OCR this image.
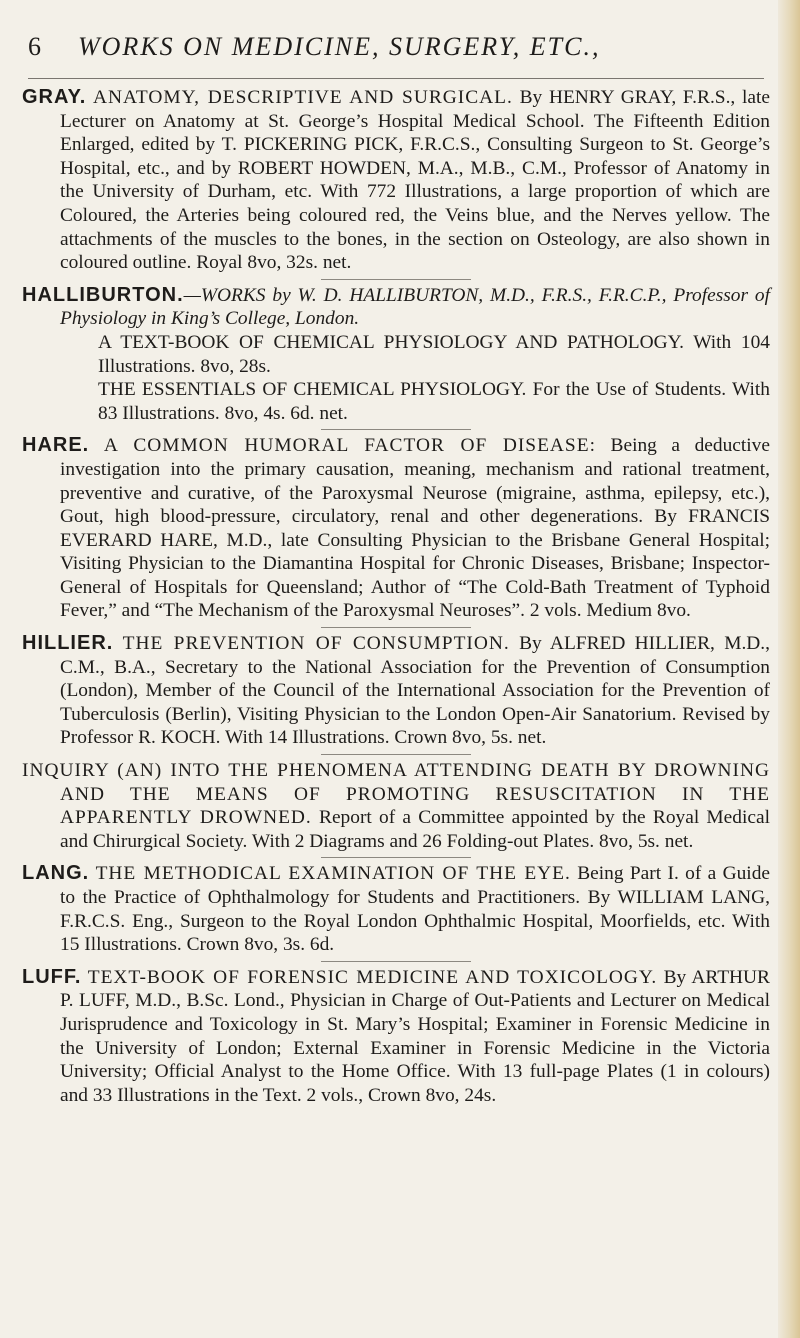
6 WORKS ON MEDICINE, SURGERY, ETC.,

GRAY. ANATOMY, DESCRIPTIVE AND SURGICAL. By HENRY GRAY, F.R.S., late Lecturer on Anatomy at St. George’s Hospital Medical School. The Fifteenth Edition Enlarged, edited by T. PICKERING PICK, F.R.C.S., Consulting Surgeon to St. George’s Hospital, etc., and by ROBERT HOWDEN, M.A., M.B., C.M., Professor of Anatomy in the University of Durham, etc. With 772 Illustrations, a large proportion of which are Coloured, the Arteries being coloured red, the Veins blue, and the Nerves yellow. The attachments of the muscles to the bones, in the section on Osteology, are also shown in coloured outline. Royal 8vo, 32s. net.

HALLIBURTON.—WORKS by W. D. HALLIBURTON, M.D., F.R.S., F.R.C.P., Professor of Physiology in King’s College, London.
A TEXT-BOOK OF CHEMICAL PHYSIOLOGY AND PATHOLOGY. With 104 Illustrations. 8vo, 28s.
THE ESSENTIALS OF CHEMICAL PHYSIOLOGY. For the Use of Students. With 83 Illustrations. 8vo, 4s. 6d. net.

HARE. A COMMON HUMORAL FACTOR OF DISEASE: Being a deductive investigation into the primary causation, meaning, mechanism and rational treatment, preventive and curative, of the Paroxysmal Neurose (migraine, asthma, epilepsy, etc.), Gout, high blood-pressure, circulatory, renal and other degenerations. By FRANCIS EVERARD HARE, M.D., late Consulting Physician to the Brisbane General Hospital; Visiting Physician to the Diamantina Hospital for Chronic Diseases, Brisbane; Inspector-General of Hospitals for Queensland; Author of “The Cold-Bath Treatment of Typhoid Fever,” and “The Mechanism of the Paroxysmal Neuroses”. 2 vols. Medium 8vo.

HILLIER. THE PREVENTION OF CONSUMPTION. By ALFRED HILLIER, M.D., C.M., B.A., Secretary to the National Association for the Prevention of Consumption (London), Member of the Council of the International Association for the Prevention of Tuberculosis (Berlin), Visiting Physician to the London Open-Air Sanatorium. Revised by Professor R. KOCH. With 14 Illustrations. Crown 8vo, 5s. net.

INQUIRY (AN) INTO THE PHENOMENA ATTENDING DEATH BY DROWNING AND THE MEANS OF PROMOTING RESUSCITATION IN THE APPARENTLY DROWNED. Report of a Committee appointed by the Royal Medical and Chirurgical Society. With 2 Diagrams and 26 Folding-out Plates. 8vo, 5s. net.

LANG. THE METHODICAL EXAMINATION OF THE EYE. Being Part I. of a Guide to the Practice of Ophthalmology for Students and Practitioners. By WILLIAM LANG, F.R.C.S. Eng., Surgeon to the Royal London Ophthalmic Hospital, Moorfields, etc. With 15 Illustrations. Crown 8vo, 3s. 6d.

LUFF. TEXT-BOOK OF FORENSIC MEDICINE AND TOXICOLOGY. By ARTHUR P. LUFF, M.D., B.Sc. Lond., Physician in Charge of Out-Patients and Lecturer on Medical Jurisprudence and Toxicology in St. Mary’s Hospital; Examiner in Forensic Medicine in the University of London; External Examiner in Forensic Medicine in the Victoria University; Official Analyst to the Home Office. With 13 full-page Plates (1 in colours) and 33 Illustrations in the Text. 2 vols., Crown 8vo, 24s.
